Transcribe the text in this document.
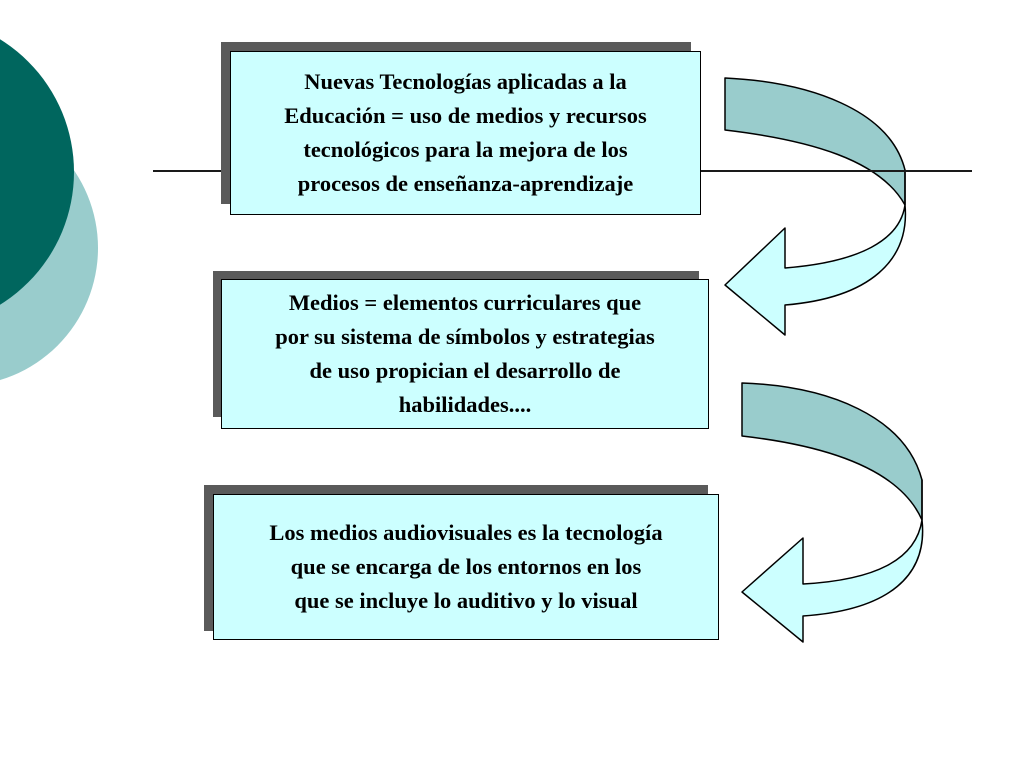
Nuevas Tecnologías aplicadas a la
Educación = uso de medios y recursos
tecnológicos para la mejora de los
procesos de enseñanza-aprendizaje

Medios = elementos curriculares que
por su sistema de símbolos y estrategias
de uso propician el desarrollo de
habilidades....

Los medios audiovisuales es la tecnología
que se encarga de los entornos en los
que se incluye lo auditivo y lo visual
